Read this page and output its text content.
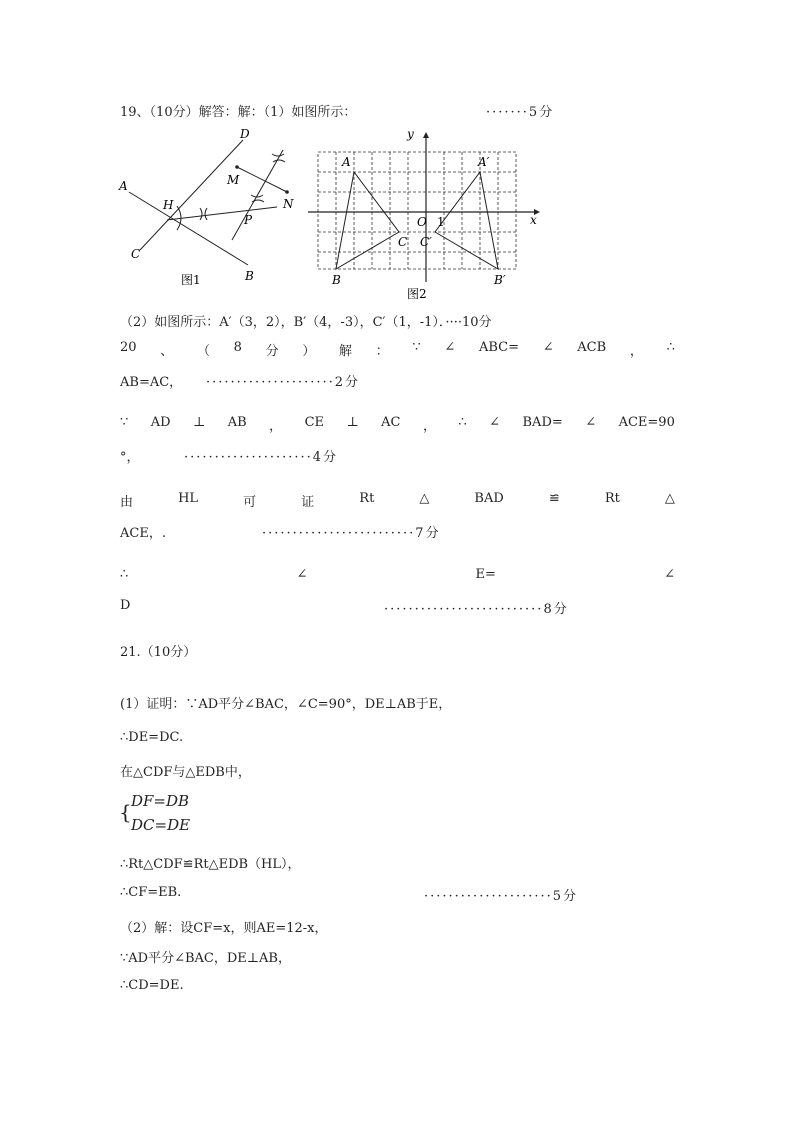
19、（10分）解答：解：（1）如图所示：	·······5分
D
A	M
H	N
P
C
B
图1
y
A	A′
O 1	x
C C′
B	B′
图2
（2）如图所示：A′（3，2），B′（4，-3），C′（1，-1）．····10分
20 、 （ 8 分 ） 解 ： ∵ ∠ ABC= ∠ ACB ， ∴
AB=AC， ·····················2分
∵ AD ⊥ AB ， CE ⊥ AC ， ∴ ∠ BAD= ∠ ACE=90
°，	·····················4分
由	HL	可	证	Rt	△	BAD	≌	Rt	△
ACE，.	·························7分
∴	∠	E=	∠
D	··························8分
21.（10分）
(1）证明：∵AD平分∠BAC，∠C=90°，DE⊥AB于E，
∴DE=DC.
在△CDF与△EDB中，
{ DF=DB
DC=DE
∴Rt△CDF≌Rt△EDB（HL），
∴CF=EB.	·····················5分
（2）解：设CF=x，则AE=12-x，
∵AD平分∠BAC，DE⊥AB，
∴CD=DE.
